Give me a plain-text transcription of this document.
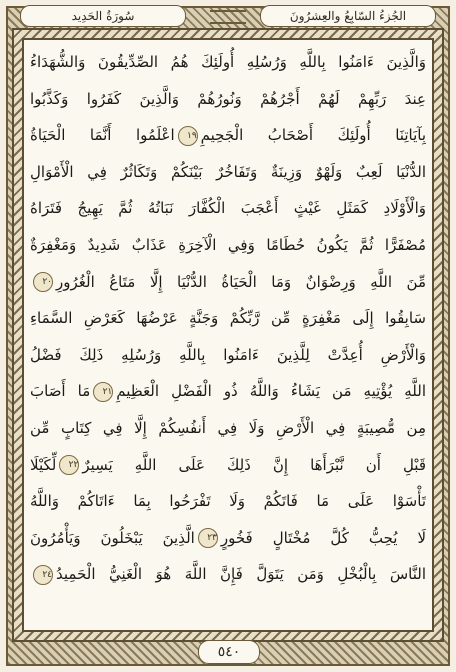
سُورَةُ الحَدِيد	الجُزءُ السّابِعُ والعِشرُونَ
وَالَّذِينَ ءَامَنُوا بِاللَّهِ وَرُسُلِهِ أُولَئِكَ هُمُ الصِّدِّيقُونَ وَالشُّهَدَاءُ
عِندَ رَبِّهِمْ لَهُمْ أَجْرُهُمْ وَنُورُهُمْ وَالَّذِينَ كَفَرُوا وَكَذَّبُوا
بِآيَاتِنَا أُولَئِكَ أَصْحَابُ الْجَحِيمِ١٩اعْلَمُوا أَنَّمَا الْحَيَاةُ
الدُّنْيَا لَعِبٌ وَلَهْوٌ وَزِينَةٌ وَتَفَاخُرٌ بَيْنَكُمْ وَتَكَاثُرٌ فِي الْأَمْوَالِ
وَالْأَوْلَادِ كَمَثَلِ غَيْثٍ أَعْجَبَ الْكُفَّارَ نَبَاتُهُ ثُمَّ يَهِيجُ فَتَرَاهُ
مُصْفَرًّا ثُمَّ يَكُونُ حُطَامًا وَفِي الْآخِرَةِ عَذَابٌ شَدِيدٌ وَمَغْفِرَةٌ
مِّنَ اللَّهِ وَرِضْوَانٌ وَمَا الْحَيَاةُ الدُّنْيَا إِلَّا مَتَاعُ الْغُرُورِ٢٠
سَابِقُوا إِلَى مَغْفِرَةٍ مِّن رَّبِّكُمْ وَجَنَّةٍ عَرْضُهَا كَعَرْضِ السَّمَاءِ
وَالْأَرْضِ أُعِدَّتْ لِلَّذِينَ ءَامَنُوا بِاللَّهِ وَرُسُلِهِ ذَلِكَ فَضْلُ
اللَّهِ يُؤْتِيهِ مَن يَشَاءُ وَاللَّهُ ذُو الْفَضْلِ الْعَظِيمِ٢١مَا أَصَابَ
مِن مُّصِيبَةٍ فِي الْأَرْضِ وَلَا فِي أَنفُسِكُمْ إِلَّا فِي كِتَابٍ مِّن
قَبْلِ أَن نَّبْرَأَهَا إِنَّ ذَلِكَ عَلَى اللَّهِ يَسِيرٌ٢٢لِّكَيْلَا
تَأْسَوْا عَلَى مَا فَاتَكُمْ وَلَا تَفْرَحُوا بِمَا ءَاتَاكُمْ وَاللَّهُ
لَا يُحِبُّ كُلَّ مُخْتَالٍ فَخُورٍ٢٣الَّذِينَ يَبْخَلُونَ وَيَأْمُرُونَ
النَّاسَ بِالْبُخْلِ وَمَن يَتَوَلَّ فَإِنَّ اللَّهَ هُوَ الْغَنِيُّ الْحَمِيدُ٢٤
٥٤٠
